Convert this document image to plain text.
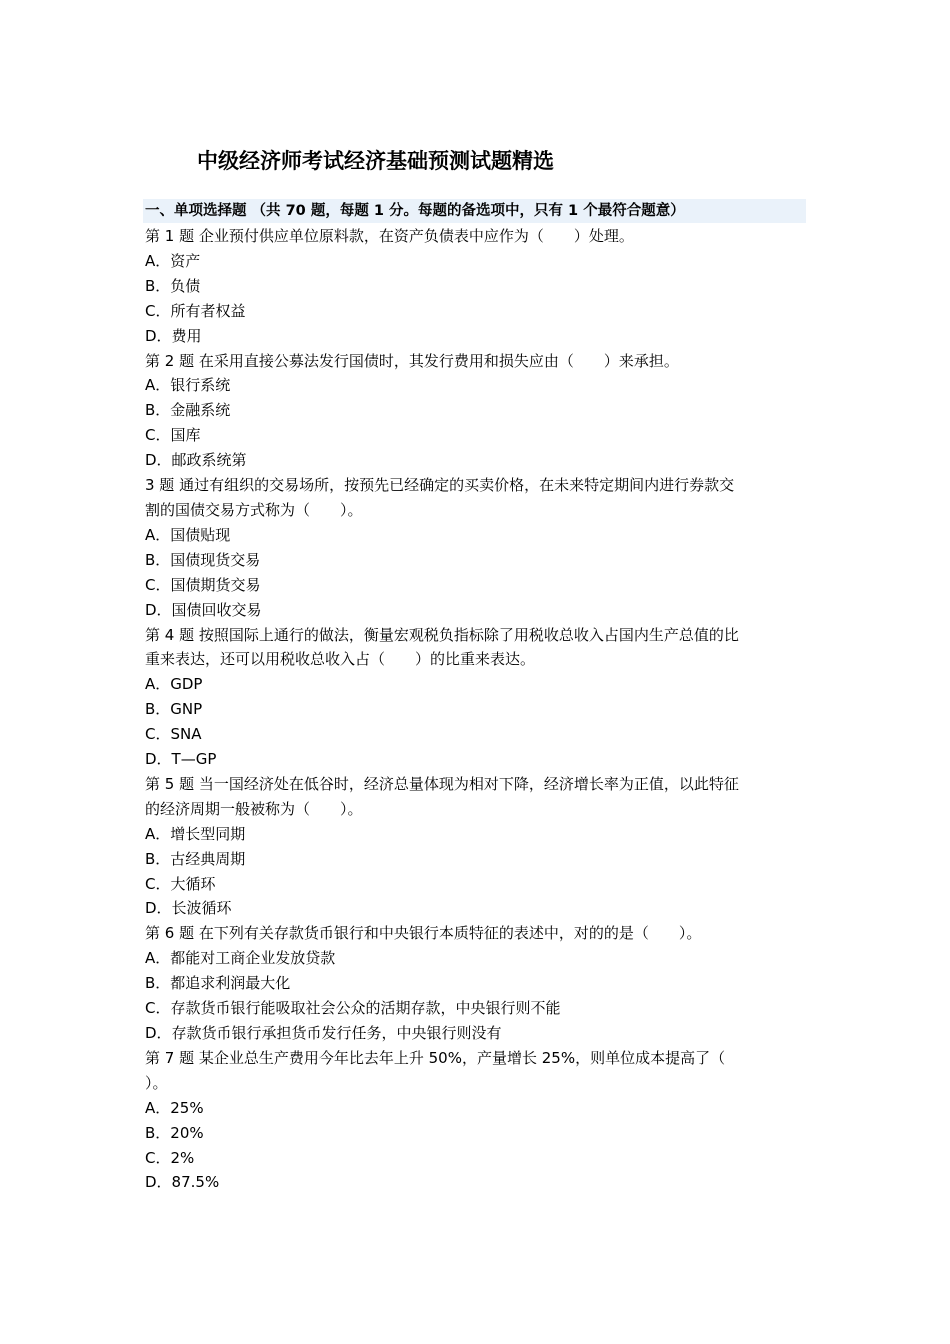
中级经济师考试经济基础预测试题精选
一、单项选择题 （共 70 题，每题 1 分。每题的备选项中，只有 1 个最符合题意）
第 1 题 企业预付供应单位原料款，在资产负债表中应作为（　　）处理。
A．资产
B．负债
C．所有者权益
D．费用
第 2 题 在采用直接公募法发行国债时，其发行费用和损失应由（　　）来承担。
A．银行系统
B．金融系统
C．国库
D．邮政系统第
3 题 通过有组织的交易场所，按预先已经确定的买卖价格，在未来特定期间内进行券款交
割的国债交易方式称为（　　）。
A．国债贴现
B．国债现货交易
C．国债期货交易
D．国债回收交易
第 4 题 按照国际上通行的做法，衡量宏观税负指标除了用税收总收入占国内生产总值的比
重来表达，还可以用税收总收入占（　　）的比重来表达。
A．GDP
B．GNP
C．SNA
D．T—GP
第 5 题 当一国经济处在低谷时，经济总量体现为相对下降，经济增长率为正值，以此特征
的经济周期一般被称为（　　）。
A．增长型同期
B．古经典周期
C．大循环
D．长波循环
第 6 题 在下列有关存款货币银行和中央银行本质特征的表述中，对的的是（　　）。
A．都能对工商企业发放贷款
B．都追求利润最大化
C．存款货币银行能吸取社会公众的活期存款，中央银行则不能
D．存款货币银行承担货币发行任务，中央银行则没有
第 7 题 某企业总生产费用今年比去年上升 50%，产量增长 25%，则单位成本提高了（
）。
A．25%
B．20%
C．2%
D．87.5%
